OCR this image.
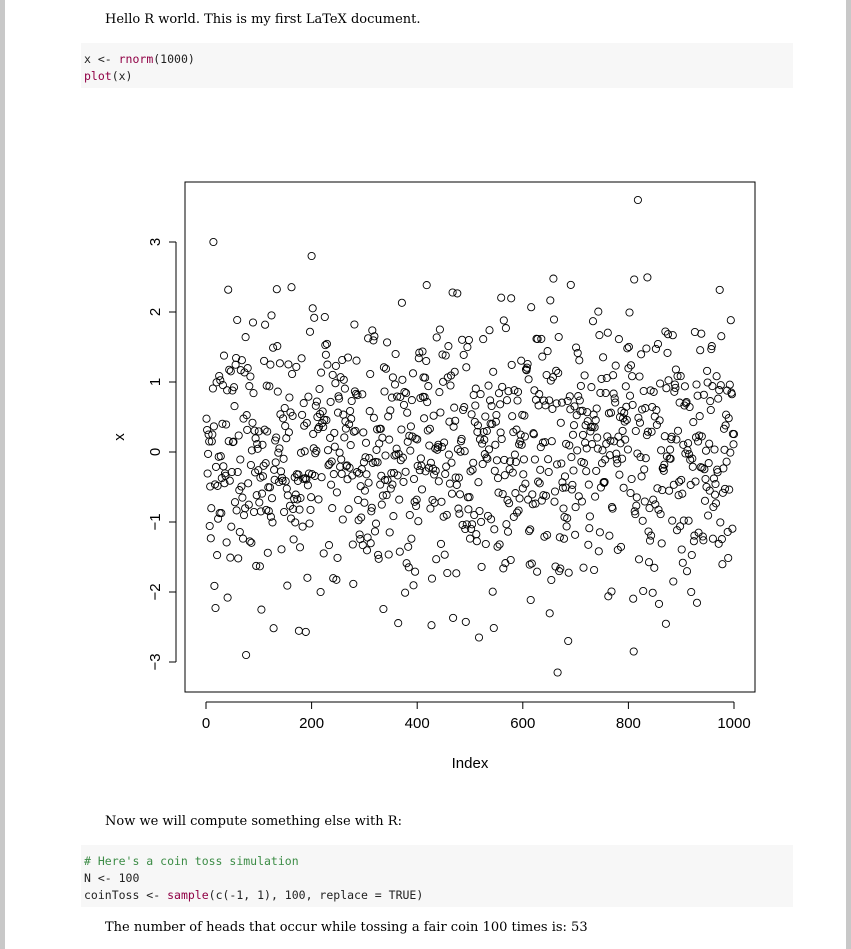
Hello R world. This is my first LaTeX document.
x <- rnorm(1000)
plot(x)
0	200	400	600	800	1000
−3
−2
−1
0
1
2
3
Index
x
Now we will compute something else with R:
# Here's a coin toss simulation
N <- 100
coinToss <- sample(c(-1, 1), 100, replace = TRUE)
The number of heads that occur while tossing a fair coin 100 times is: 53
